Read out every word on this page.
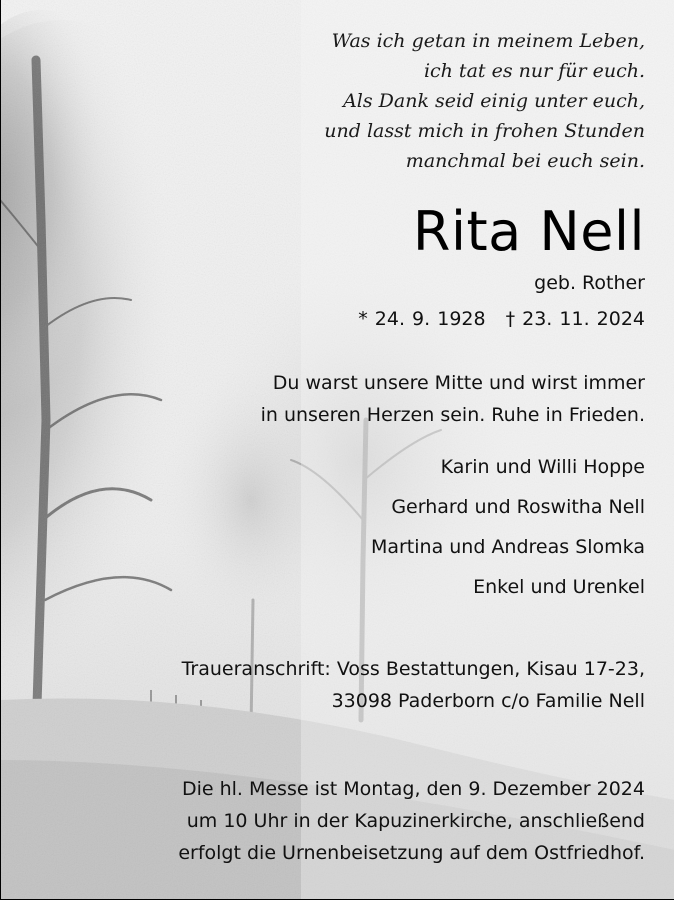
Was ich getan in meinem Leben,
ich tat es nur für euch.
Als Dank seid einig unter euch,
und lasst mich in frohen Stunden
manchmal bei euch sein.
Rita Nell
geb. Rother
* 24. 9. 1928 † 23. 11. 2024
Du warst unsere Mitte und wirst immer
in unseren Herzen sein. Ruhe in Frieden.
Karin und Willi Hoppe
Gerhard und Roswitha Nell
Martina und Andreas Slomka
Enkel und Urenkel
Traueranschrift: Voss Bestattungen, Kisau 17-23,
33098 Paderborn c/o Familie Nell
Die hl. Messe ist Montag, den 9. Dezember 2024
um 10 Uhr in der Kapuzinerkirche, anschließend
erfolgt die Urnenbeisetzung auf dem Ostfriedhof.
